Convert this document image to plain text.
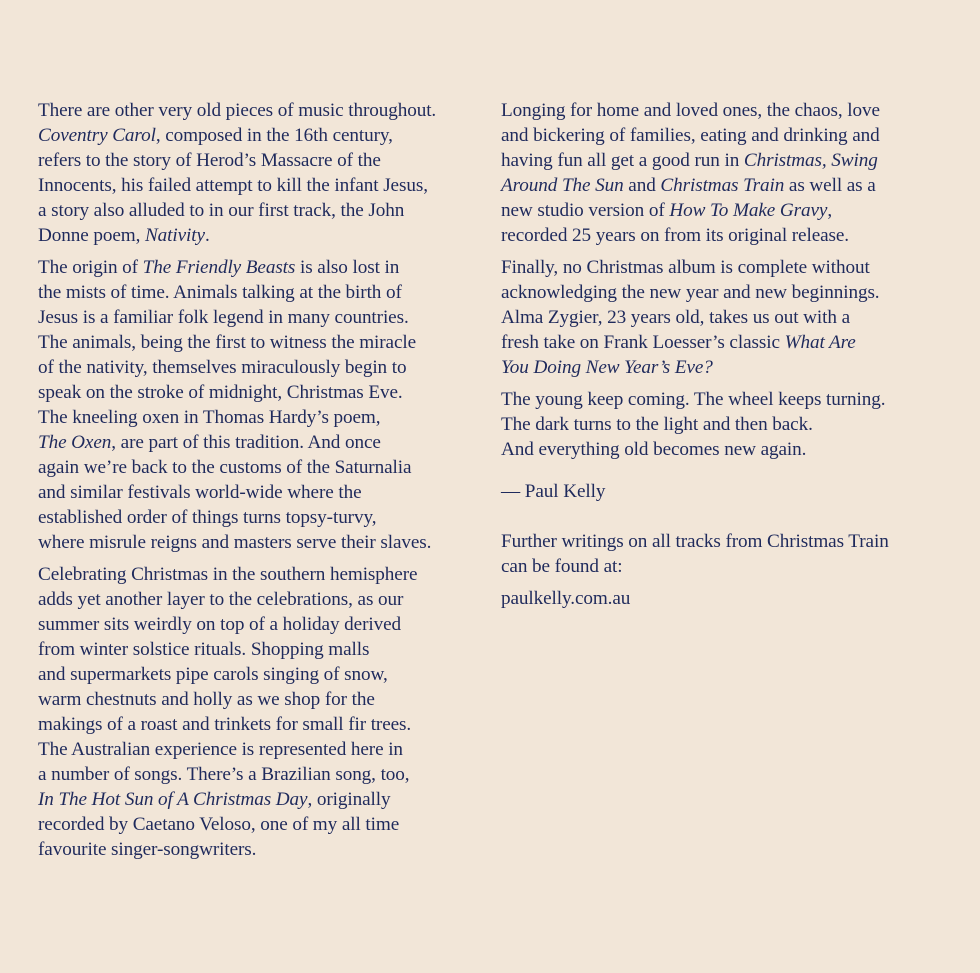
There are other very old pieces of music throughout.
Coventry Carol, composed in the 16th century,
refers to the story of Herod’s Massacre of the
Innocents, his failed attempt to kill the infant Jesus,
a story also alluded to in our first track, the John
Donne poem, Nativity.

The origin of The Friendly Beasts is also lost in
the mists of time. Animals talking at the birth of
Jesus is a familiar folk legend in many countries.
The animals, being the first to witness the miracle
of the nativity, themselves miraculously begin to
speak on the stroke of midnight, Christmas Eve.
The kneeling oxen in Thomas Hardy’s poem,
The Oxen, are part of this tradition. And once
again we’re back to the customs of the Saturnalia
and similar festivals world-wide where the
established order of things turns topsy-turvy,
where misrule reigns and masters serve their slaves.

Celebrating Christmas in the southern hemisphere
adds yet another layer to the celebrations, as our
summer sits weirdly on top of a holiday derived
from winter solstice rituals. Shopping malls
and supermarkets pipe carols singing of snow,
warm chestnuts and holly as we shop for the
makings of a roast and trinkets for small fir trees.
The Australian experience is represented here in
a number of songs. There’s a Brazilian song, too,
In The Hot Sun of A Christmas Day, originally
recorded by Caetano Veloso, one of my all time
favourite singer-songwriters.

Longing for home and loved ones, the chaos, love
and bickering of families, eating and drinking and
having fun all get a good run in Christmas, Swing
Around The Sun and Christmas Train as well as a
new studio version of How To Make Gravy,
recorded 25 years on from its original release.

Finally, no Christmas album is complete without
acknowledging the new year and new beginnings.
Alma Zygier, 23 years old, takes us out with a
fresh take on Frank Loesser’s classic What Are
You Doing New Year’s Eve?

The young keep coming. The wheel keeps turning.
The dark turns to the light and then back.
And everything old becomes new again.

— Paul Kelly

Further writings on all tracks from Christmas Train
can be found at:

paulkelly.com.au
